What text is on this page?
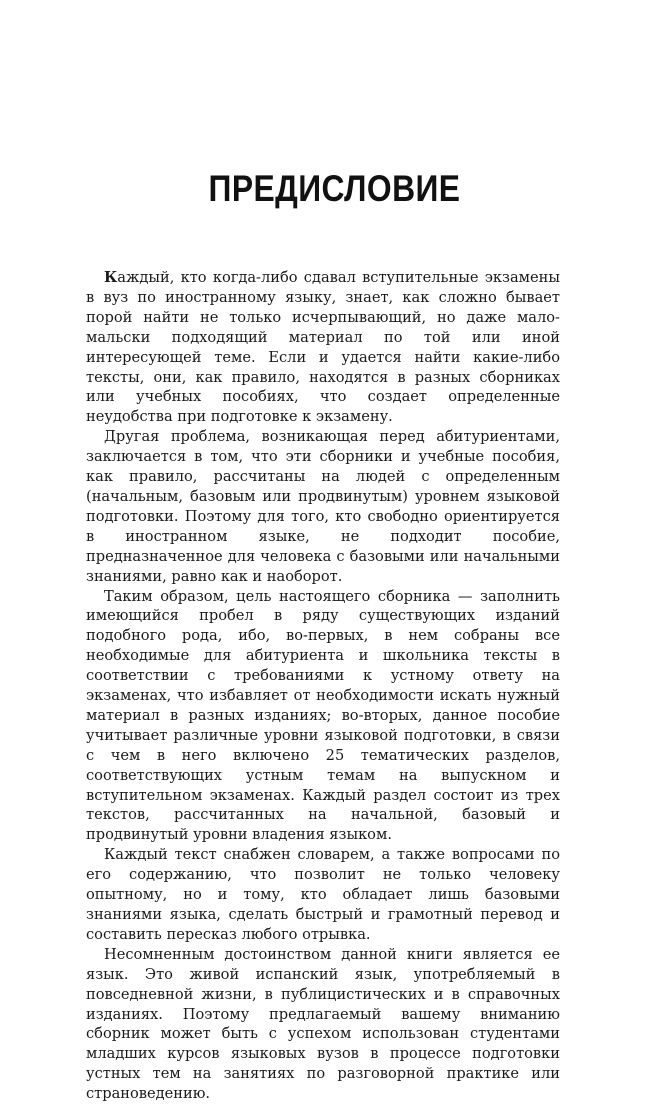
ПРЕДИСЛОВИЕ

Каждый, кто когда-либо сдавал вступительные экзамены в вуз по иностранному языку, знает, как сложно бывает порой найти не только исчерпывающий, но даже мало-мальски подходящий материал по той или иной интересующей теме. Если и удается найти какие-либо тексты, они, как правило, находятся в разных сборниках или учебных пособиях, что создает определенные неудобства при подготовке к экзамену.

Другая проблема, возникающая перед абитуриентами, заключается в том, что эти сборники и учебные пособия, как правило, рассчитаны на людей с определенным (начальным, базовым или продвинутым) уровнем языковой подготовки. Поэтому для того, кто свободно ориентируется в иностранном языке, не подходит пособие, предназначенное для человека с базовыми или начальными знаниями, равно как и наоборот.

Таким образом, цель настоящего сборника — заполнить имеющийся пробел в ряду существующих изданий подобного рода, ибо, во-первых, в нем собраны все необходимые для абитуриента и школьника тексты в соответствии с требованиями к устному ответу на экзаменах, что избавляет от необходимости искать нужный материал в разных изданиях; во-вторых, данное пособие учитывает различные уровни языковой подготовки, в связи с чем в него включено 25 тематических разделов, соответствующих устным темам на выпускном и вступительном экзаменах. Каждый раздел состоит из трех текстов, рассчитанных на начальной, базовый и продвинутый уровни владения языком.

Каждый текст снабжен словарем, а также вопросами по его содержанию, что позволит не только человеку опытному, но и тому, кто обладает лишь базовыми знаниями языка, сделать быстрый и грамотный перевод и составить пересказ любого отрывка.

Несомненным достоинством данной книги является ее язык. Это живой испанский язык, употребляемый в повседневной жизни, в публицистических и в справочных изданиях. Поэтому предлагаемый вашему вниманию сборник может быть с успехом использован студентами младших курсов языковых вузов в процессе подготовки устных тем на занятиях по разговорной практике или страноведению.
